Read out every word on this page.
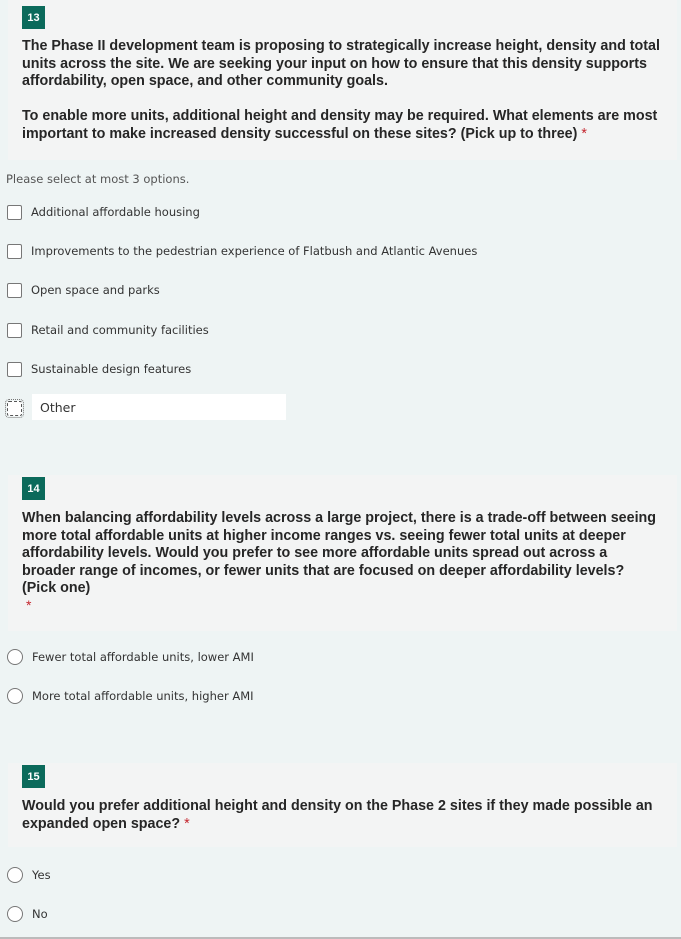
13

The Phase II development team is proposing to strategically increase height, density and total units across the site. We are seeking your input on how to ensure that this density supports affordability, open space, and other community goals.

To enable more units, additional height and density may be required. What elements are most important to make increased density successful on these sites? (Pick up to three) *

Please select at most 3 options.
Additional affordable housing
Improvements to the pedestrian experience of Flatbush and Atlantic Avenues
Open space and parks
Retail and community facilities
Sustainable design features
Other
14
When balancing affordability levels across a large project, there is a trade-off between seeing more total affordable units at higher income ranges vs. seeing fewer total units at deeper affordability levels. Would you prefer to see more affordable units spread out across a broader range of incomes, or fewer units that are focused on deeper affordability levels? (Pick one)
*
Fewer total affordable units, lower AMI
More total affordable units, higher AMI
15
Would you prefer additional height and density on the Phase 2 sites if they made possible an expanded open space? *
Yes
No
